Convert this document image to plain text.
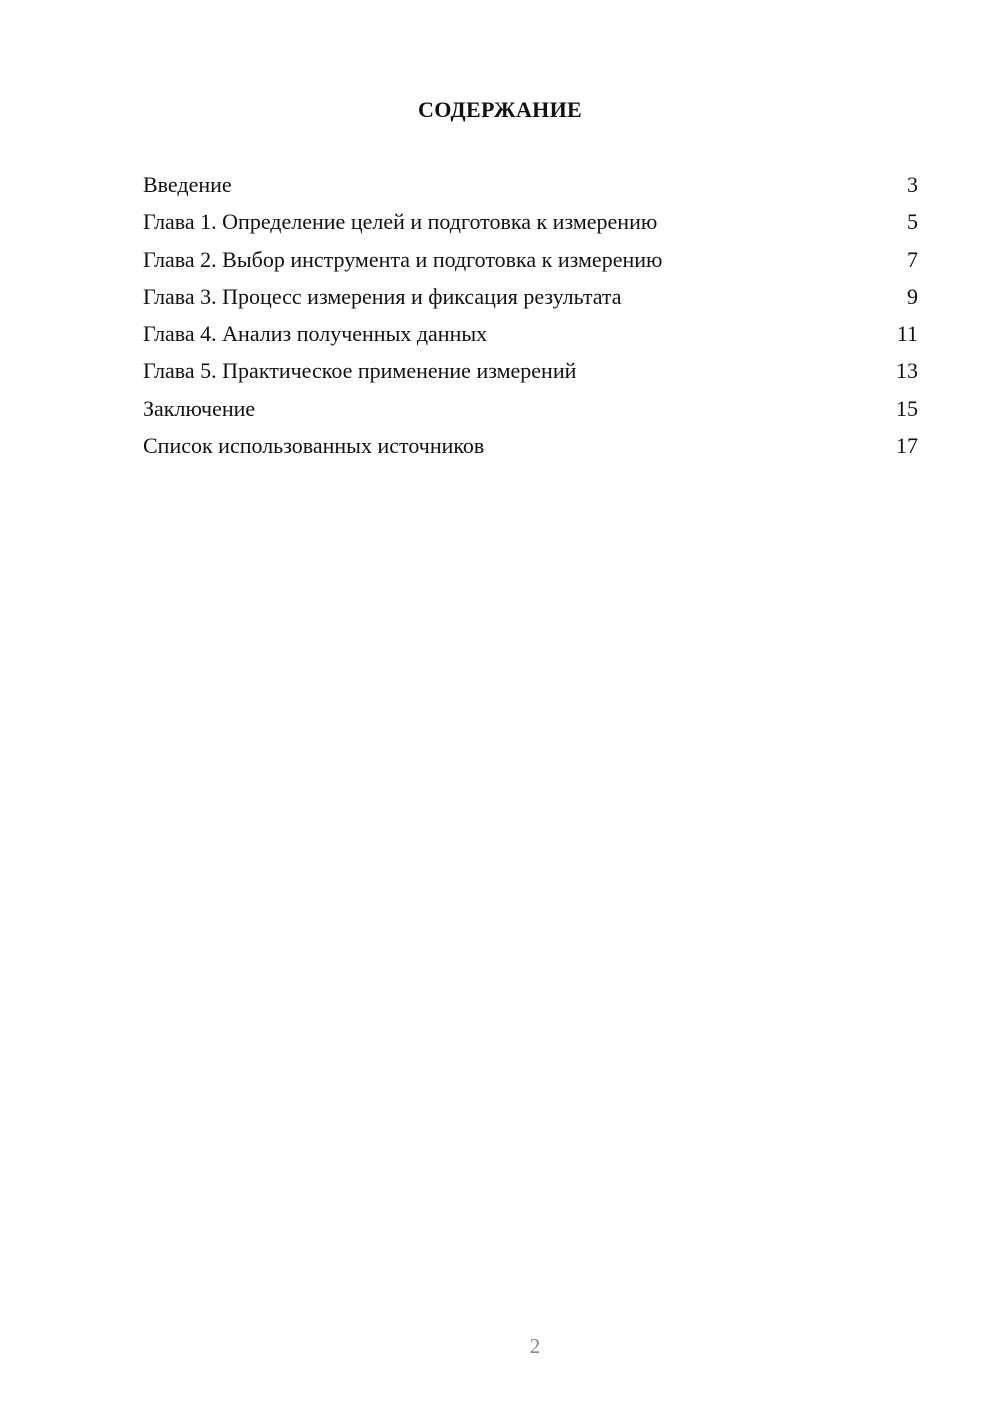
СОДЕРЖАНИЕ
Введение	3
Глава 1. Определение целей и подготовка к измерению	5
Глава 2. Выбор инструмента и подготовка к измерению	7
Глава 3. Процесс измерения и фиксация результата	9
Глава 4. Анализ полученных данных	11
Глава 5. Практическое применение измерений	13
Заключение	15
Список использованных источников	17
2
